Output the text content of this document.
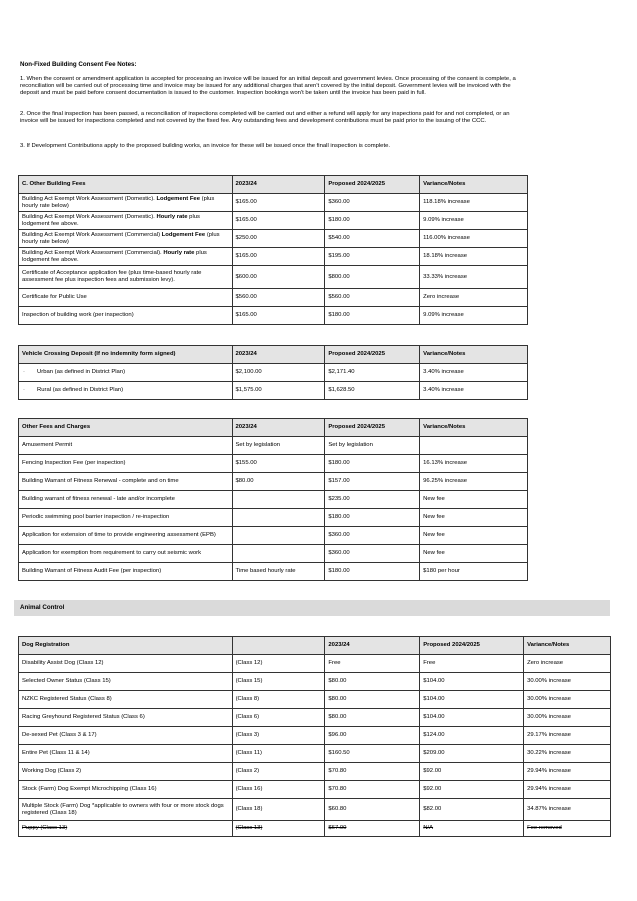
Non-Fixed Building Consent Fee Notes:
1. When the consent or amendment application is accepted for processing an invoice will be issued for an initial deposit and government levies. Once processing of the consent is complete, a reconciliation will be carried out of processing time and invoice may be issued for any additional charges that aren't covered by the initial deposit. Government levies will be invoiced with the deposit and must be paid before consent documentation is issued to the customer. Inspection bookings won't be taken until the invoice has been paid in full.
2. Once the final inspection has been passed, a reconciliation of inspections completed will be carried out and either a refund will apply for any inspections paid for and not completed, or an invoice will be issued for inspections completed and not covered by the fixed fee. Any outstanding fees and development contributions must be paid prior to the issuing of the CCC.
3. If Development Contributions apply to the proposed building works, an invoice for these will be issued once the finall inspection is complete.
C. Other Building Fees	2023/24	Proposed 2024/2025	Variance/Notes
Building Act Exempt Work Assessment (Domestic). Lodgement Fee (plus hourly rate below)	$165.00	$360.00	118.18% increase
Building Act Exempt Work Assessment (Domestic). Hourly rate plus lodgement fee above.	$165.00	$180.00	9.09% increase
Building Act Exempt Work Assessment (Commercial) Lodgement Fee (plus hourly rate below)	$250.00	$540.00	116.00% increase
Building Act Exempt Work Assessment (Commercial). Hourly rate plus lodgement fee above.	$165.00	$195.00	18.18% increase
Certificate of Acceptance application fee (plus time-based hourly rate assessment fee plus inspection fees and submission levy).	$600.00	$800.00	33.33% increase
Certificate for Public Use	$560.00	$560.00	Zero increase
Inspection of building work (per inspection)	$165.00	$180.00	9.09% increase
Vehicle Crossing Deposit (If no indemnity form signed)	2023/24	Proposed 2024/2025	Variance/Notes
· Urban (as defined in District Plan)	$2,100.00	$2,171.40	3.40% increase
· Rural (as defined in District Plan)	$1,575.00	$1,628.50	3.40% increase
Other Fees and Charges	2023/24	Proposed 2024/2025	Variance/Notes
Amusement Permit	Set by legislation	Set by legislation	
Fencing Inspection Fee (per inspection)	$155.00	$180.00	16.13% increase
Building Warrant of Fitness Renewal - complete and on time	$80.00	$157.00	96.25% increase
Building warrant of fitness renewal - late and/or incomplete		$235.00	New fee
Periodic swimming pool barrier inspection / re-inspection		$180.00	New fee
Application for extension of time to provide engineering assessment (EPB)		$360.00	New fee
Application for exemption from requirement to carry out seismic work		$360.00	New fee
Building Warrant of Fitness Audit Fee (per inspection)	Time based hourly rate	$180.00	$180 per hour
Animal Control
Dog Registration		2023/24	Proposed 2024/2025	Variance/Notes
Disability Assist Dog (Class 12)	(Class 12)	Free	Free	Zero increase
Selected Owner Status (Class 15)	(Class 15)	$80.00	$104.00	30.00% increase
NZKC Registered Status (Class 8)	(Class 8)	$80.00	$104.00	30.00% increase
Racing Greyhound Registered Status (Class 6)	(Class 6)	$80.00	$104.00	30.00% increase
De-sexed Pet (Class 3 & 17)	(Class 3)	$96.00	$124.00	29.17% increase
Entire Pet (Class 11 & 14)	(Class 11)	$160.50	$209.00	30.22% increase
Working Dog (Class 2)	(Class 2)	$70.80	$92.00	29.94% increase
Stock (Farm) Dog Exempt Microchipping (Class 16)	(Class 16)	$70.80	$92.00	29.94% increase
Multiple Stock (Farm) Dog *applicable to owners with four or more stock dogs registered (Class 18)	(Class 18)	$60.80	$82.00	34.87% increase
Puppy (Class 13)	(Class 13)	$67.00	N/A	Fee removed
